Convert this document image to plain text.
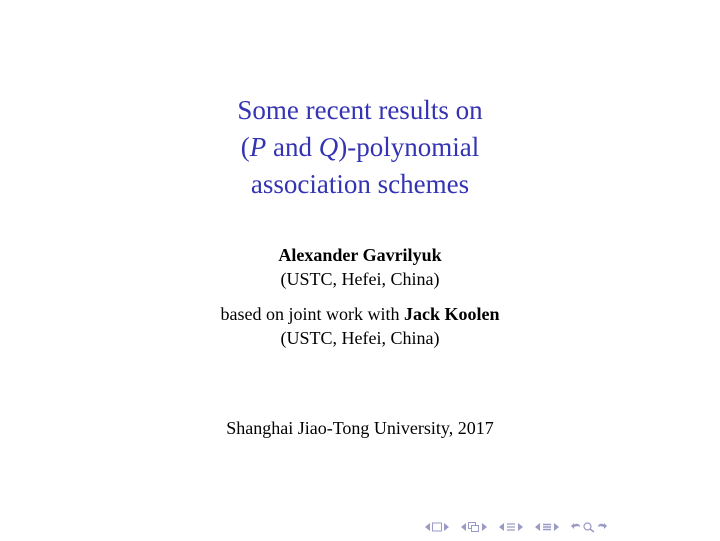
Some recent results on
(P and Q)-polynomial
association schemes
Alexander Gavrilyuk
(USTC, Hefei, China)
based on joint work with Jack Koolen
(USTC, Hefei, China)
Shanghai Jiao-Tong University, 2017
